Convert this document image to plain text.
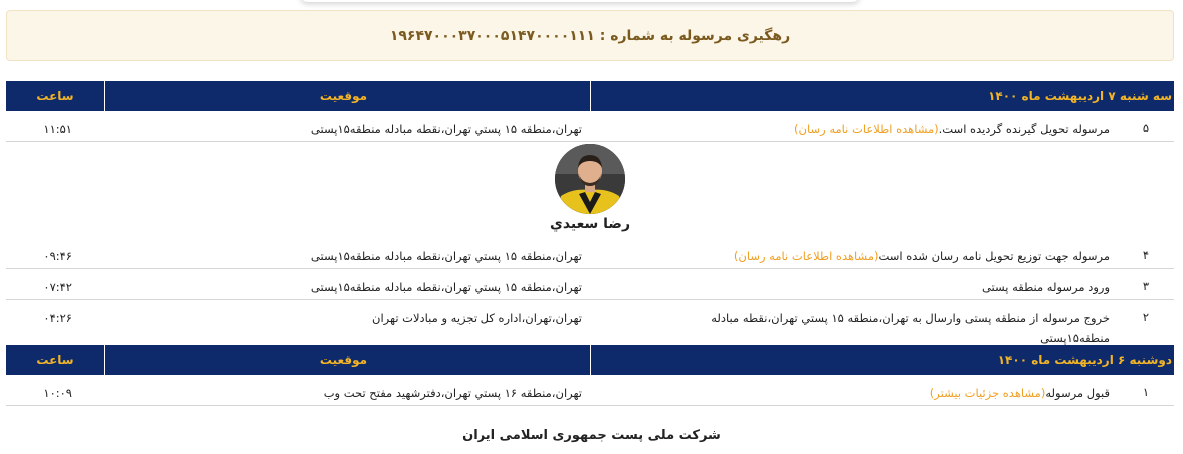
رهگیری مرسوله به شماره : ۱۹۶۴۷۰۰۰۳۷۰۰۰۵۱۴۷۰۰۰۰۱۱۱
سه شنبه ۷ اردیبهشت ماه ۱۴۰۰
موقعیت
ساعت
۵
مرسوله تحویل گیرنده گردیده است.(مشاهده اطلاعات نامه رسان)
تهران،منطقه ۱۵ پستي تهران،نقطه مبادله منطقه۱۵پستی
۱۱:۵۱
رضا سعيدي
۴
مرسوله جهت توزیع تحویل نامه رسان شده است(مشاهده اطلاعات نامه رسان)
تهران،منطقه ۱۵ پستي تهران،نقطه مبادله منطقه۱۵پستی
۰۹:۴۶
۳
ورود مرسوله منطقه پستی
تهران،منطقه ۱۵ پستي تهران،نقطه مبادله منطقه۱۵پستی
۰۷:۴۲
۲
خروج مرسوله از منطقه پستی وارسال به تهران،منطقه ۱۵ پستي تهران،نقطه مبادله منطقه۱۵پستی
تهران،تهران،اداره کل تجزیه و مبادلات تهران
۰۴:۲۶
دوشنبه ۶ اردیبهشت ماه ۱۴۰۰
موقعیت
ساعت
۱
قبول مرسوله(مشاهده جزئیات بیشتر)
تهران،منطقه ۱۶ پستي تهران،دفترشهید مفتح تحت وب
۱۰:۰۹
شرکت ملی پست جمهوری اسلامی ایران
